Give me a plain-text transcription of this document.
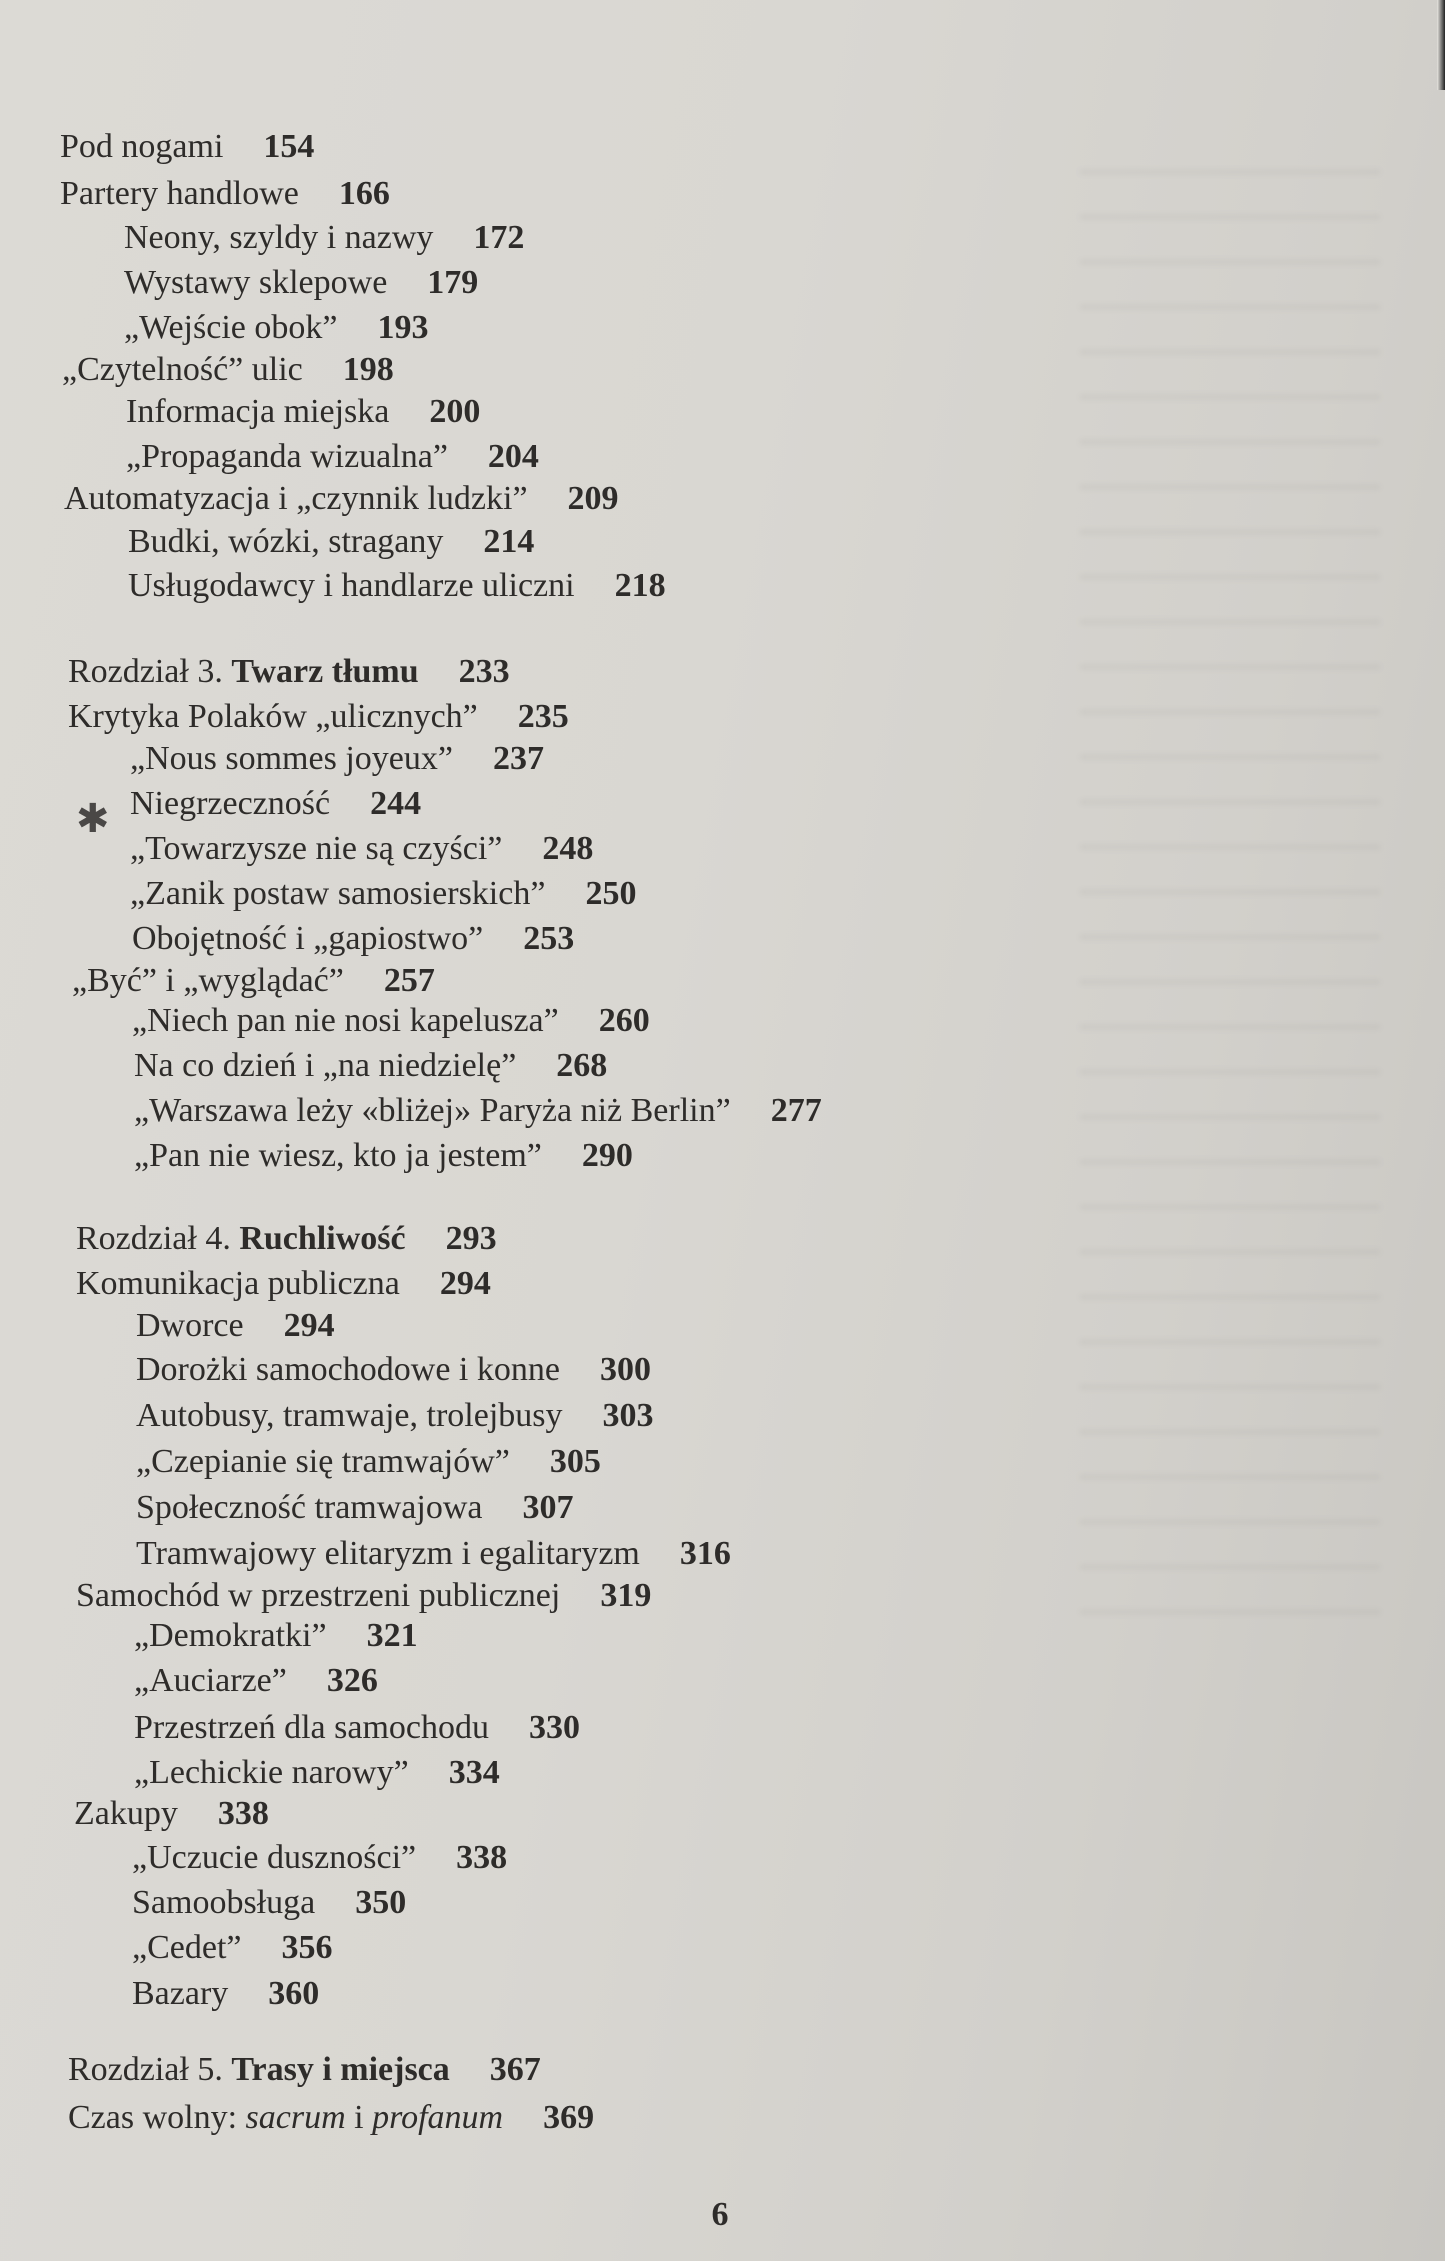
Pod nogami 154
Partery handlowe 166
Neony, szyldy i nazwy 172
Wystawy sklepowe 179
„Wejście obok” 193
„Czytelność” ulic 198
Informacja miejska 200
„Propaganda wizualna” 204
Automatyzacja i „czynnik ludzki” 209
Budki, wózki, stragany 214
Usługodawcy i handlarze uliczni 218
Rozdział 3. Twarz tłumu 233
Krytyka Polaków „ulicznych” 235
„Nous sommes joyeux” 237
Niegrzeczność 244
„Towarzysze nie są czyści” 248
„Zanik postaw samosierskich” 250
Obojętność i „gapiostwo” 253
„Być” i „wyglądać” 257
„Niech pan nie nosi kapelusza” 260
Na co dzień i „na niedzielę” 268
„Warszawa leży «bliżej» Paryża niż Berlin” 277
„Pan nie wiesz, kto ja jestem” 290
Rozdział 4. Ruchliwość 293
Komunikacja publiczna 294
Dworce 294
Dorożki samochodowe i konne 300
Autobusy, tramwaje, trolejbusy 303
„Czepianie się tramwajów” 305
Społeczność tramwajowa 307
Tramwajowy elitaryzm i egalitaryzm 316
Samochód w przestrzeni publicznej 319
„Demokratki” 321
„Auciarze” 326
Przestrzeń dla samochodu 330
„Lechickie narowy” 334
Zakupy 338
„Uczucie duszności” 338
Samoobsługa 350
„Cedet” 356
Bazary 360
Rozdział 5. Trasy i miejsca 367
Czas wolny: sacrum i profanum 369
✱
6
